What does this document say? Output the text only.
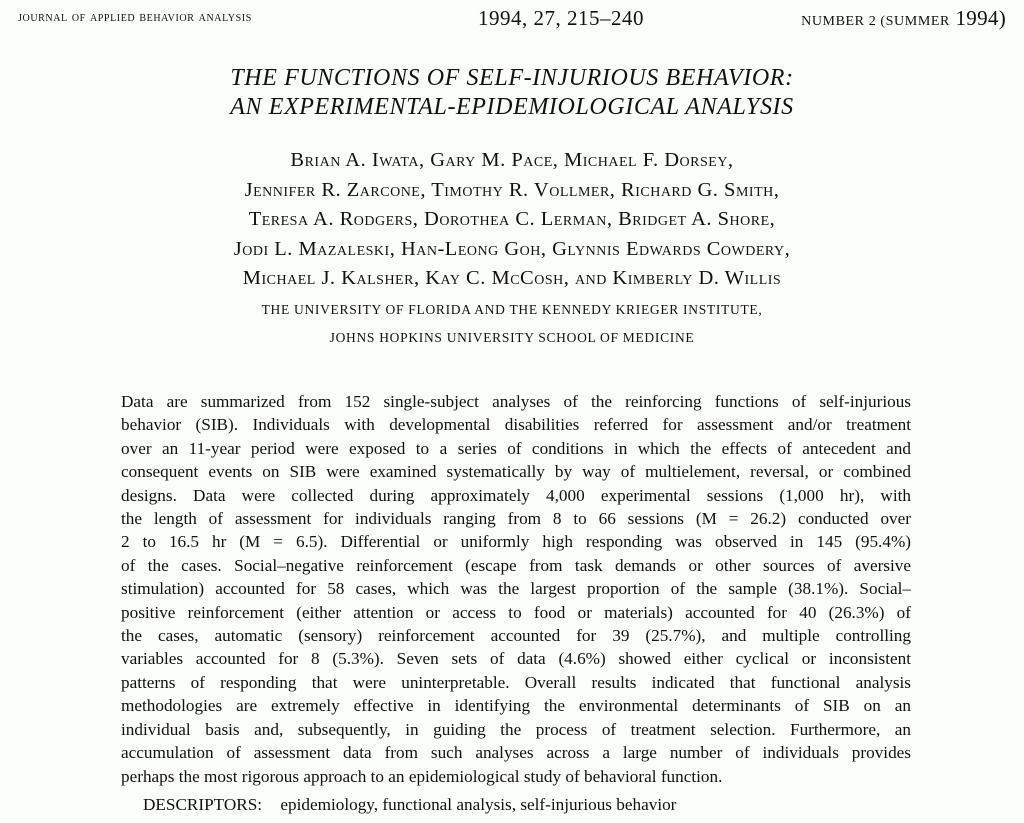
journal of applied behavior analysis	1994, 27, 215–240	NUMBER 2 (SUMMER 1994)
THE FUNCTIONS OF SELF-INJURIOUS BEHAVIOR:
AN EXPERIMENTAL-EPIDEMIOLOGICAL ANALYSIS
Brian A. Iwata, Gary M. Pace, Michael F. Dorsey,
Jennifer R. Zarcone, Timothy R. Vollmer, Richard G. Smith,
Teresa A. Rodgers, Dorothea C. Lerman, Bridget A. Shore,
Jodi L. Mazaleski, Han-Leong Goh, Glynnis Edwards Cowdery,
Michael J. Kalsher, Kay C. McCosh, and Kimberly D. Willis
THE UNIVERSITY OF FLORIDA AND THE KENNEDY KRIEGER INSTITUTE,
JOHNS HOPKINS UNIVERSITY SCHOOL OF MEDICINE
Data are summarized from 152 single-subject analyses of the reinforcing functions of self-injurious
behavior (SIB). Individuals with developmental disabilities referred for assessment and/or treatment
over an 11-year period were exposed to a series of conditions in which the effects of antecedent and
consequent events on SIB were examined systematically by way of multielement, reversal, or combined
designs. Data were collected during approximately 4,000 experimental sessions (1,000 hr), with
the length of assessment for individuals ranging from 8 to 66 sessions (M = 26.2) conducted over
2 to 16.5 hr (M = 6.5). Differential or uniformly high responding was observed in 145 (95.4%)
of the cases. Social–negative reinforcement (escape from task demands or other sources of aversive
stimulation) accounted for 58 cases, which was the largest proportion of the sample (38.1%). Social–
positive reinforcement (either attention or access to food or materials) accounted for 40 (26.3%) of
the cases, automatic (sensory) reinforcement accounted for 39 (25.7%), and multiple controlling
variables accounted for 8 (5.3%). Seven sets of data (4.6%) showed either cyclical or inconsistent
patterns of responding that were uninterpretable. Overall results indicated that functional analysis
methodologies are extremely effective in identifying the environmental determinants of SIB on an
individual basis and, subsequently, in guiding the process of treatment selection. Furthermore, an
accumulation of assessment data from such analyses across a large number of individuals provides
perhaps the most rigorous approach to an epidemiological study of behavioral function.
DESCRIPTORS: epidemiology, functional analysis, self-injurious behavior
